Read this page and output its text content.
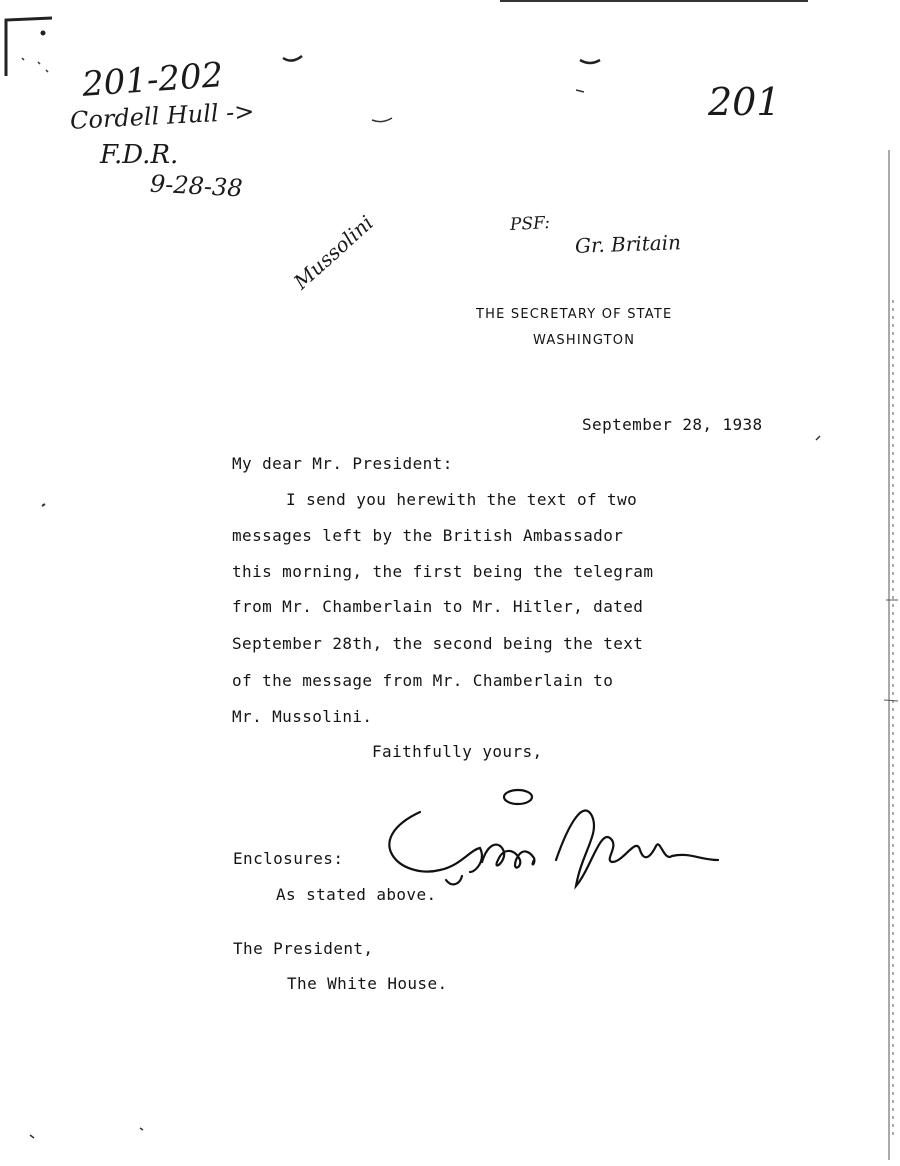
201-202
Cordell Hull ->
F.D.R.
9-28-38
201
PSF:
Gr. Britain
Mussolini
THE SECRETARY OF STATE
WASHINGTON
September 28, 1938
My dear Mr. President:
I send you herewith the text of two
messages left by the British Ambassador
this morning, the first being the telegram
from Mr. Chamberlain to Mr. Hitler, dated
September 28th, the second being the text
of the message from Mr. Chamberlain to
Mr. Mussolini.
Faithfully yours,
Enclosures:
As stated above.
The President,
The White House.
